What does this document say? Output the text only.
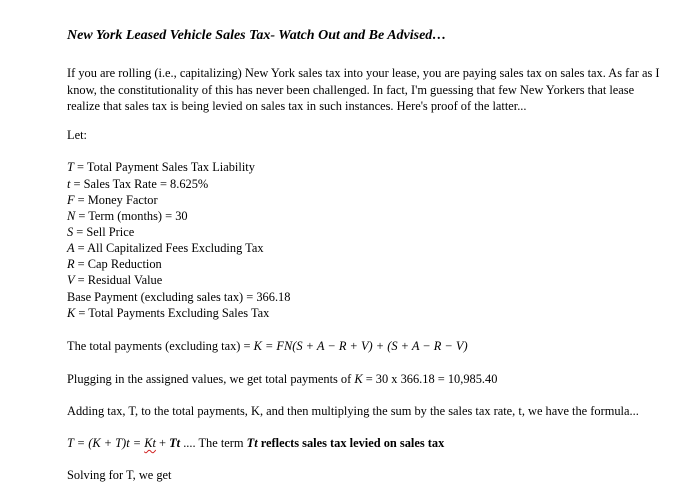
New York Leased Vehicle Sales Tax- Watch Out and Be Advised…
If you are rolling (i.e., capitalizing) New York sales tax into your lease, you are paying sales tax on sales tax. As far as I know, the constitutionality of this has never been challenged. In fact, I'm guessing that few New Yorkers that lease realize that sales tax is being levied on sales tax in such instances. Here's proof of the latter...
Let:
T = Total Payment Sales Tax Liability
t = Sales Tax Rate = 8.625%
F = Money Factor
N = Term (months) = 30
S = Sell Price
A = All Capitalized Fees Excluding Tax
R = Cap Reduction
V = Residual Value
Base Payment (excluding sales tax) = 366.18
K = Total Payments Excluding Sales Tax
The total payments (excluding tax) = K = FN(S + A − R + V) + (S + A − R − V)
Plugging in the assigned values, we get total payments of K = 30 x 366.18 = 10,985.40
Adding tax, T, to the total payments, K, and then multiplying the sum by the sales tax rate, t, we have the formula...
T = (K + T)t = Kt + Tt .... The term Tt reflects sales tax levied on sales tax
Solving for T, we get
